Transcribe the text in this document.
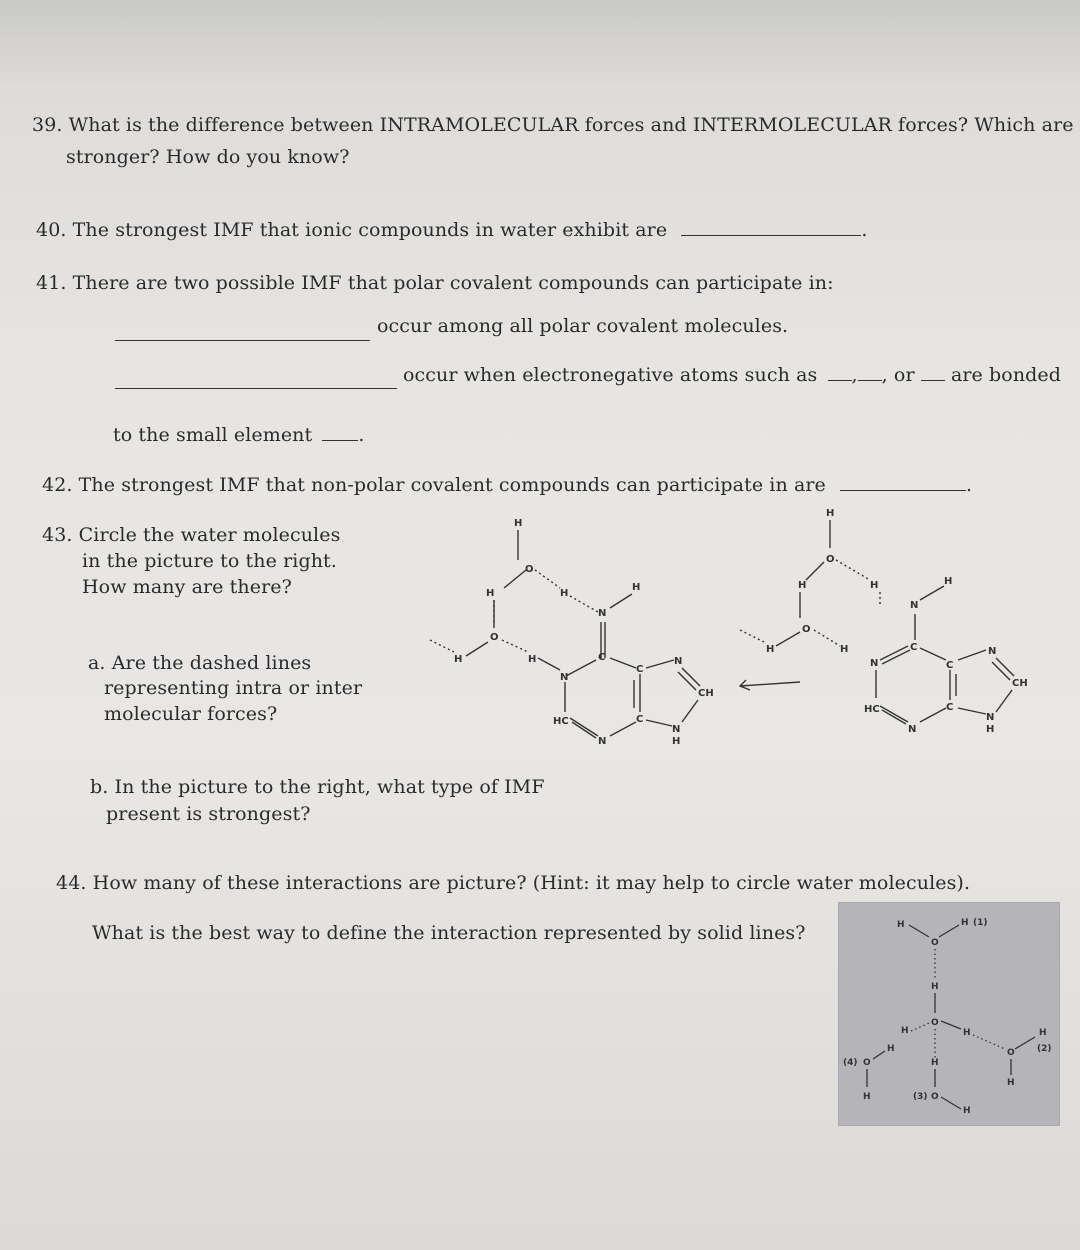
39. What is the difference between INTRAMOLECULAR forces and INTERMOLECULAR forces? Which are
stronger? How do you know?
40. The strongest IMF that ionic compounds in water exhibit are	.
41. There are two possible IMF that polar covalent compounds can participate in:
occur among all polar covalent molecules.
occur when electronegative atoms such as , , or are bonded
to the small element .
42. The strongest IMF that non-polar covalent compounds can participate in are	.
43. Circle the water molecules
in the picture to the right.
How many are there?
a. Are the dashed lines
representing intra or inter
molecular forces?
b. In the picture to the right, what type of IMF
present is strongest?
H
O
H	H
O
H	H
N
N
H
C
HC
N
C
C
N
CH
N
H
H
O
H	H
O
H	H
N
H
C
N
HC
N
C
C
N
CH
N
H
44. How many of these interactions are picture? (Hint: it may help to circle water molecules).
What is the best way to define the interaction represented by solid lines?	H
O
H (1)
H
O
H	H
O
H
(2)
H
H
(3) O
H
(4) O
H
H
